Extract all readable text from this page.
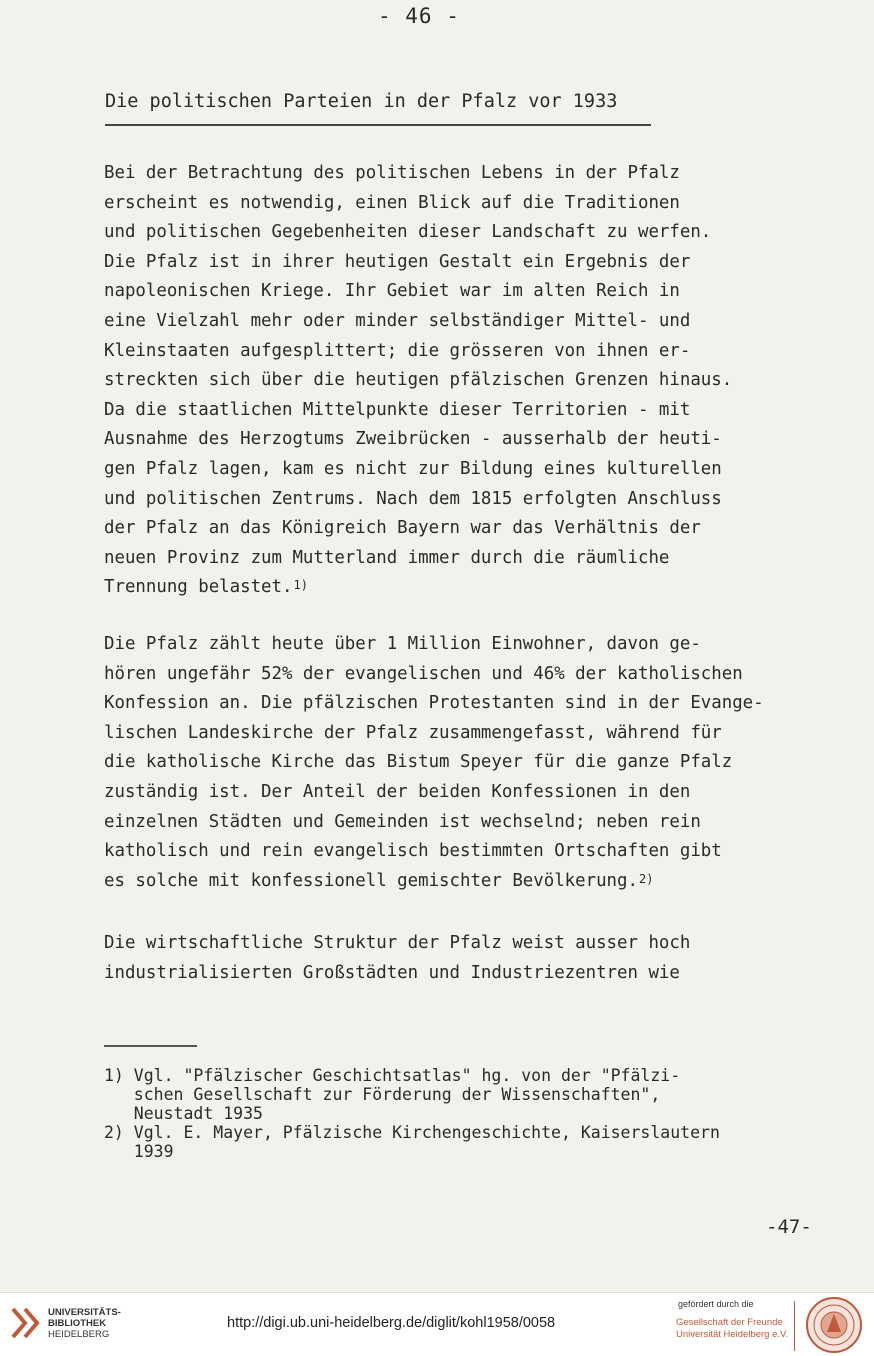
- 46 -
Die politischen Parteien in der Pfalz vor 1933
Bei der Betrachtung des politischen Lebens in der Pfalz
erscheint es notwendig, einen Blick auf die Traditionen
und politischen Gegebenheiten dieser Landschaft zu werfen.
Die Pfalz ist in ihrer heutigen Gestalt ein Ergebnis der
napoleonischen Kriege. Ihr Gebiet war im alten Reich in
eine Vielzahl mehr oder minder selbständiger Mittel- und
Kleinstaaten aufgesplittert; die grösseren von ihnen er-
streckten sich über die heutigen pfälzischen Grenzen hinaus.
Da die staatlichen Mittelpunkte dieser Territorien - mit
Ausnahme des Herzogtums Zweibrücken - ausserhalb der heuti-
gen Pfalz lagen, kam es nicht zur Bildung eines kulturellen
und politischen Zentrums. Nach dem 1815 erfolgten Anschluss
der Pfalz an das Königreich Bayern war das Verhältnis der
neuen Provinz zum Mutterland immer durch die räumliche
Trennung belastet.$^{1)}$
Die Pfalz zählt heute über 1 Million Einwohner, davon ge-
hören ungefähr 52% der evangelischen und 46% der katholischen
Konfession an. Die pfälzischen Protestanten sind in der Evange-
lischen Landeskirche der Pfalz zusammengefasst, während für
die katholische Kirche das Bistum Speyer für die ganze Pfalz
zuständig ist. Der Anteil der beiden Konfessionen in den
einzelnen Städten und Gemeinden ist wechselnd; neben rein
katholisch und rein evangelisch bestimmten Ortschaften gibt
es solche mit konfessionell gemischter Bevölkerung.$^{2)}$
Die wirtschaftliche Struktur der Pfalz weist ausser hoch
industrialisierten Großstädten und Industriezentren wie
1) Vgl. "Pfälzischer Geschichtsatlas" hg. von der "Pfälzi-
schen Gesellschaft zur Förderung der Wissenschaften",
Neustadt 1935
2) Vgl. E. Mayer, Pfälzische Kirchengeschichte, Kaiserslautern
1939
-47-
UNIVERSITÄTS-
BIBLIOTHEK
HEIDELBERG
http://digi.ub.uni-heidelberg.de/diglit/kohl1958/0058
gefördert durch die
Gesellschaft der Freunde
Universität Heidelberg e.V.
